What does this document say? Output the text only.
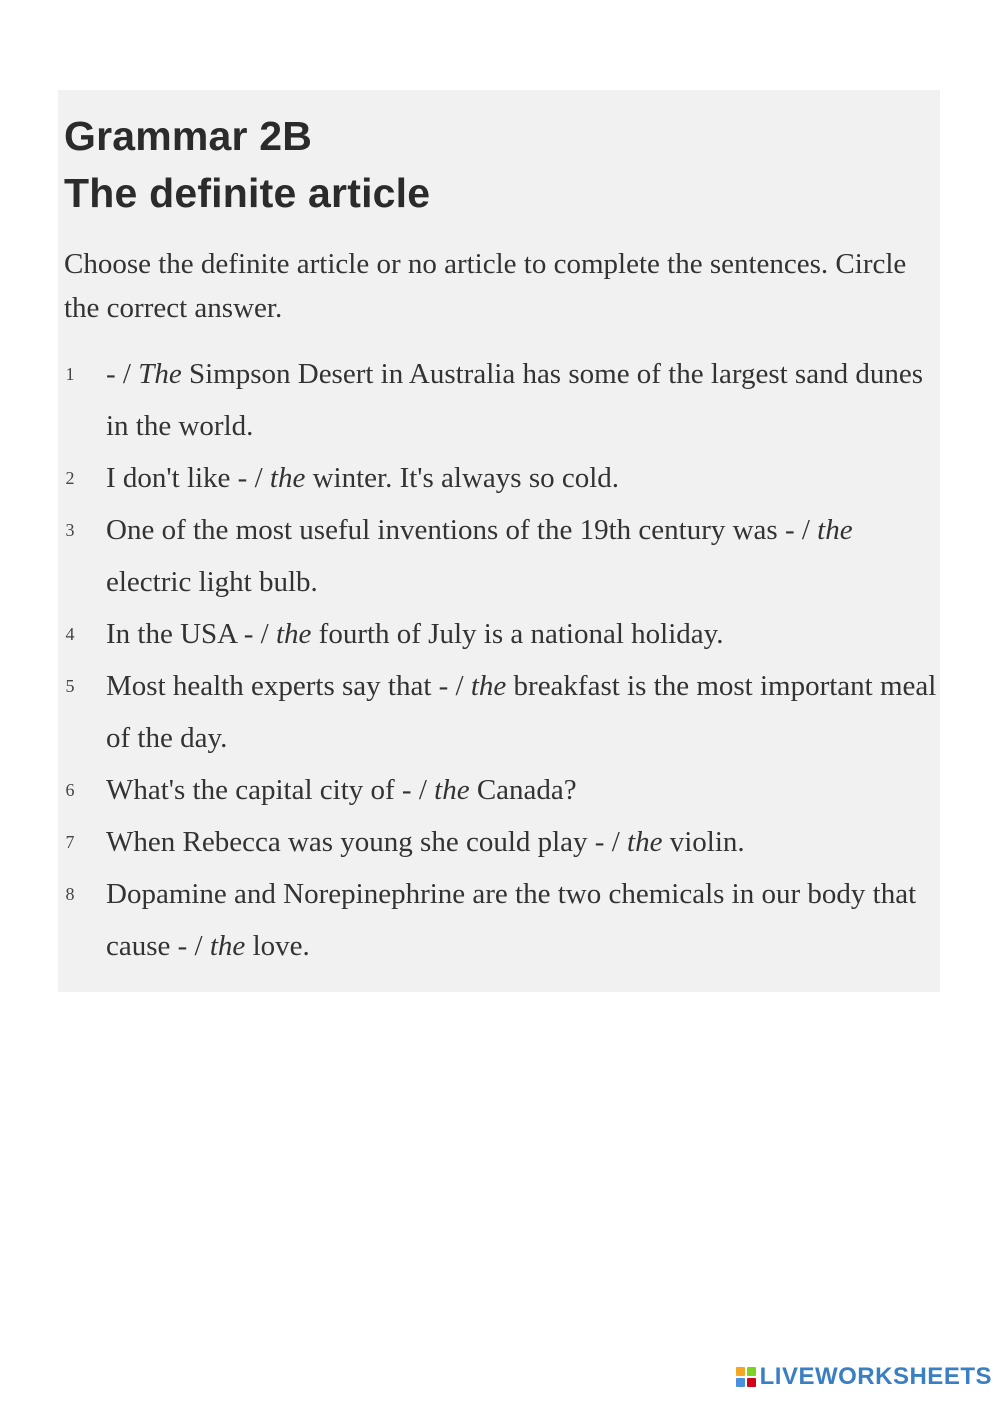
Grammar 2B
The definite article

Choose the definite article or no article to complete the sentences. Circle the correct answer.

1 - / The Simpson Desert in Australia has some of the largest sand dunes in the world.
2 I don't like - / the winter. It's always so cold.
3 One of the most useful inventions of the 19th century was - / the electric light bulb.
4 In the USA - / the fourth of July is a national holiday.
5 Most health experts say that - / the breakfast is the most important meal of the day.
6 What's the capital city of - / the Canada?
7 When Rebecca was young she could play - / the violin.
8 Dopamine and Norepinephrine are the two chemicals in our body that cause - / the love.
LIVEWORKSHEETS
